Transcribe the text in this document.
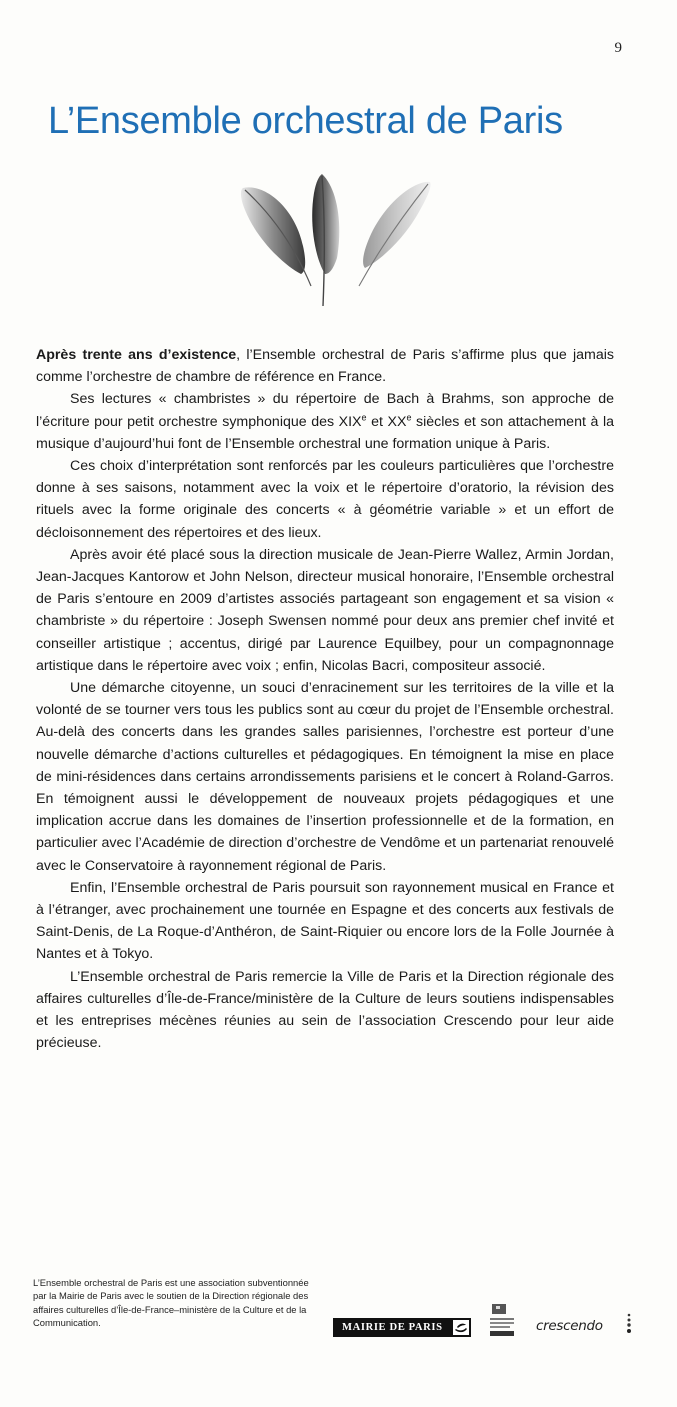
9
L’Ensemble orchestral de Paris

Après trente ans d’existence, l’Ensemble orchestral de Paris s’affirme plus que jamais comme l’orchestre de chambre de référence en France.

Ses lectures « chambristes » du répertoire de Bach à Brahms, son approche de l’écriture pour petit orchestre symphonique des XIXe et XXe siècles et son attachement à la musique d’aujourd’hui font de l’Ensemble orchestral une formation unique à Paris.

Ces choix d’interprétation sont renforcés par les couleurs particulières que l’orchestre donne à ses saisons, notamment avec la voix et le répertoire d’oratorio, la révision des rituels avec la forme originale des concerts « à géométrie variable » et un effort de décloisonnement des répertoires et des lieux.

Après avoir été placé sous la direction musicale de Jean-Pierre Wallez, Armin Jordan, Jean-Jacques Kantorow et John Nelson, directeur musical honoraire, l’Ensemble orchestral de Paris s’entoure en 2009 d’artistes associés partageant son engagement et sa vision « chambriste » du répertoire : Joseph Swensen nommé pour deux ans premier chef invité et conseiller artistique ; accentus, dirigé par Laurence Equilbey, pour un compagnonnage artistique dans le répertoire avec voix ; enfin, Nicolas Bacri, compositeur associé.

Une démarche citoyenne, un souci d’enracinement sur les territoires de la ville et la volonté de se tourner vers tous les publics sont au cœur du projet de l’Ensemble orchestral. Au-delà des concerts dans les grandes salles parisiennes, l’orchestre est porteur d’une nouvelle démarche d’actions culturelles et pédagogiques. En témoignent la mise en place de mini-résidences dans certains arrondissements parisiens et le concert à Roland-Garros. En témoignent aussi le développement de nouveaux projets pédagogiques et une implication accrue dans les domaines de l’insertion professionnelle et de la formation, en particulier avec l’Académie de direction d’orchestre de Vendôme et un partenariat renouvelé avec le Conservatoire à rayonnement régional de Paris.

Enfin, l’Ensemble orchestral de Paris poursuit son rayonnement musical en France et à l’étranger, avec prochainement une tournée en Espagne et des concerts aux festivals de Saint-Denis, de La Roque-d’Anthéron, de Saint-Riquier ou encore lors de la Folle Journée à Nantes et à Tokyo.

L’Ensemble orchestral de Paris remercie la Ville de Paris et la Direction régionale des affaires culturelles d’Île-de-France/ministère de la Culture de leurs soutiens indispensables et les entreprises mécènes réunies au sein de l’association Crescendo pour leur aide précieuse.

L’Ensemble orchestral de Paris est une association subventionnée par la Mairie de Paris avec le soutien de la Direction régionale des affaires culturelles d’Île-de-France–ministère de la Culture et de la Communication.	MAIRIE DE PARIS	crescendo
